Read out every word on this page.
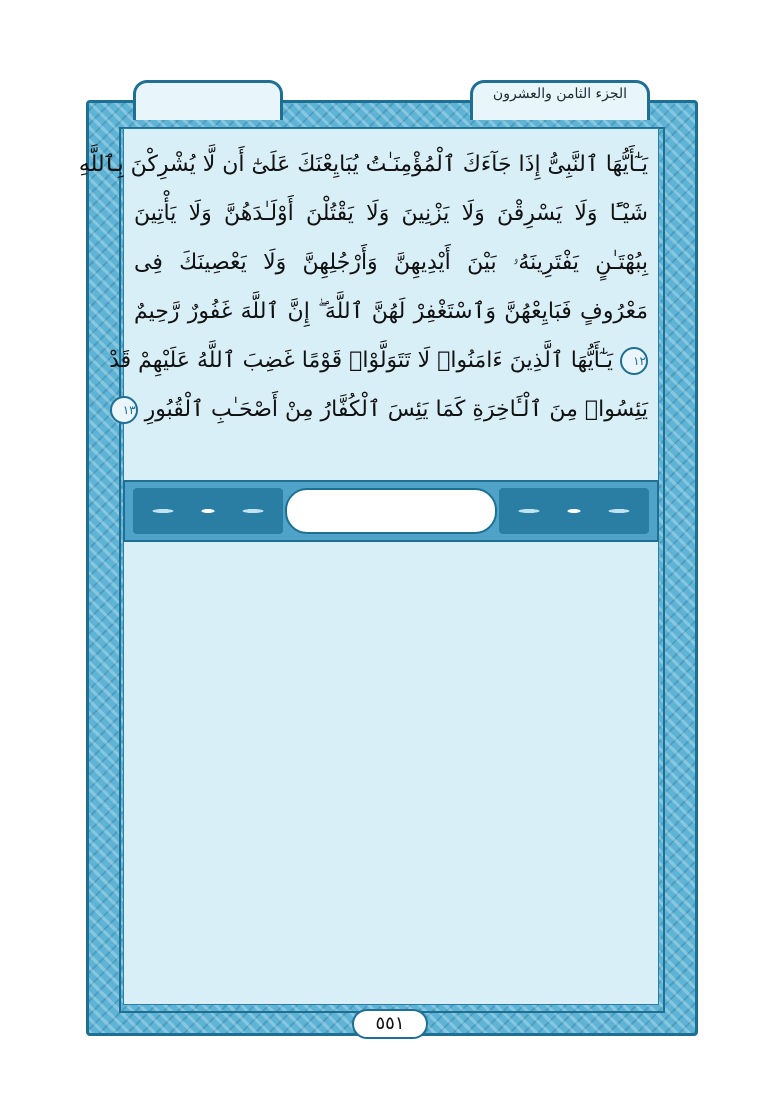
الجزء الثامن والعشرون
يَـٰٓأَيُّهَا ٱلنَّبِىُّ إِذَا جَآءَكَ ٱلْمُؤْمِنَـٰتُ يُبَايِعْنَكَ عَلَىٰٓ أَن لَّا يُشْرِكْنَ بِٱللَّهِ
شَيْـًٔا وَلَا يَسْرِقْنَ وَلَا يَزْنِينَ وَلَا يَقْتُلْنَ أَوْلَـٰدَهُنَّ وَلَا يَأْتِينَ
بِبُهْتَـٰنٍ يَفْتَرِينَهُۥ بَيْنَ أَيْدِيهِنَّ وَأَرْجُلِهِنَّ وَلَا يَعْصِينَكَ فِى
مَعْرُوفٍ فَبَايِعْهُنَّ وَٱسْتَغْفِرْ لَهُنَّ ٱللَّهَ ۖ إِنَّ ٱللَّهَ غَفُورٌ رَّحِيمٌ
١٢ يَـٰٓأَيُّهَا ٱلَّذِينَ ءَامَنُوا۟ لَا تَتَوَلَّوْا۟ قَوْمًا غَضِبَ ٱللَّهُ عَلَيْهِمْ قَدْ
يَئِسُوا۟ مِنَ ٱلْـَٔاخِرَةِ كَمَا يَئِسَ ٱلْكُفَّارُ مِنْ أَصْحَـٰبِ ٱلْقُبُورِ ١٣
٥٥١
